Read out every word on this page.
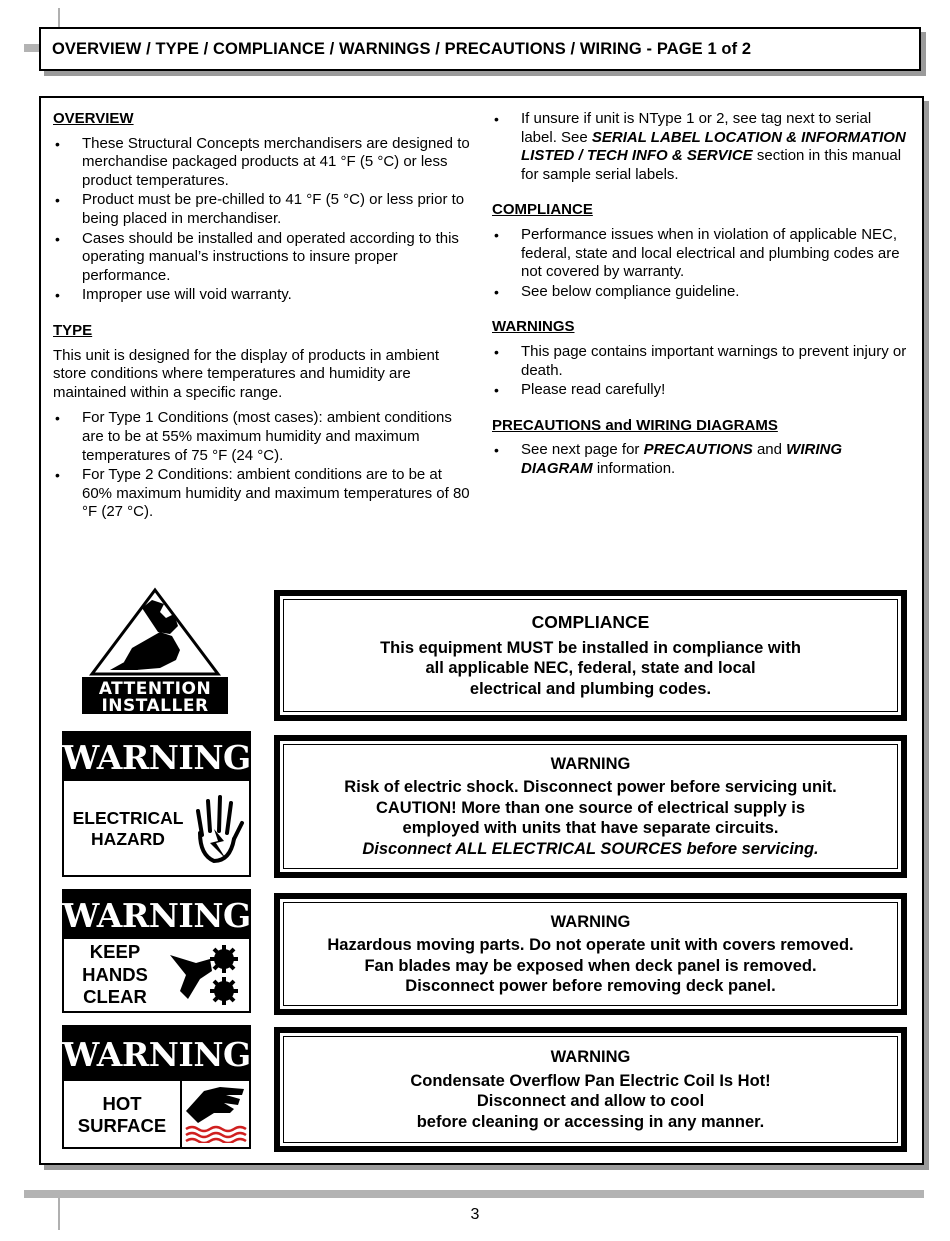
OVERVIEW / TYPE / COMPLIANCE / WARNINGS / PRECAUTIONS / WIRING - PAGE 1 of 2
OVERVIEW
• These Structural Concepts merchandisers are designed to merchandise packaged products at 41 °F (5 °C) or less product temperatures.
• Product must be pre-chilled to 41 °F (5 °C) or less prior to being placed in merchandiser.
• Cases should be installed and operated according to this operating manual’s instructions to insure proper performance.
• Improper use will void warranty.
TYPE

This unit is designed for the display of products in ambient store conditions where temperatures and humidity are maintained within a specific range.

• For Type 1 Conditions (most cases): ambient conditions are to be at 55% maximum humidity and maximum temperatures of 75 °F (24 °C).
• For Type 2 Conditions: ambient conditions are to be at 60% maximum humidity and maximum temperatures of 80 °F (27 °C).
• If unsure if unit is NType 1 or 2, see tag next to serial label. See SERIAL LABEL LOCATION & INFORMATION LISTED / TECH INFO & SERVICE section in this manual for sample serial labels.
COMPLIANCE
• Performance issues when in violation of applicable NEC, federal, state and local electrical and plumbing codes are not covered by warranty.
• See below compliance guideline.
WARNINGS
• This page contains important warnings to prevent injury or death.
• Please read carefully!
PRECAUTIONS and WIRING DIAGRAMS
• See next page for PRECAUTIONS and WIRING DIAGRAM information.
ATTENTION
INSTALLER
COMPLIANCE
This equipment MUST be installed in compliance with
all applicable NEC, federal, state and local
electrical and plumbing codes.
WARNING
ELECTRICAL
HAZARD
WARNING
Risk of electric shock. Disconnect power before servicing unit.
CAUTION! More than one source of electrical supply is
employed with units that have separate circuits.
Disconnect ALL ELECTRICAL SOURCES before servicing.
WARNING
KEEP
HANDS
CLEAR
WARNING
Hazardous moving parts. Do not operate unit with covers removed.
Fan blades may be exposed when deck panel is removed.
Disconnect power before removing deck panel.
WARNING
HOT
SURFACE
WARNING
Condensate Overflow Pan Electric Coil Is Hot!
Disconnect and allow to cool
before cleaning or accessing in any manner.
3
